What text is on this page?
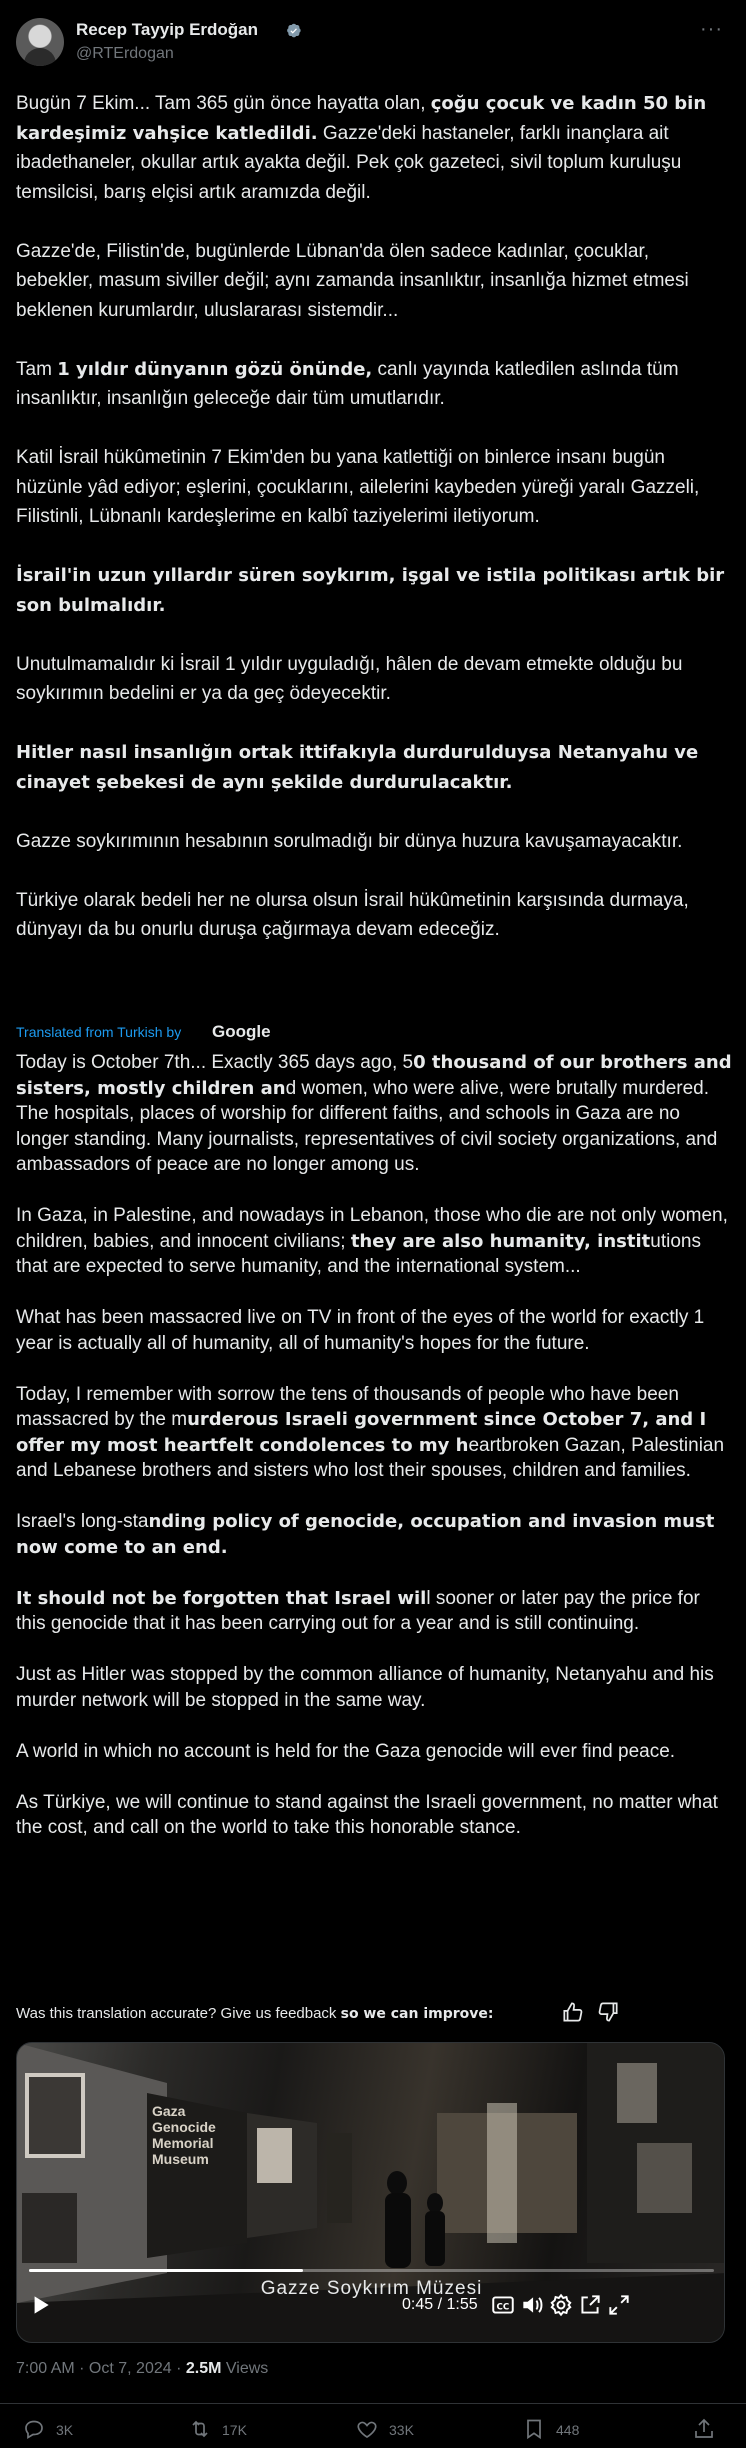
Recep Tayyip Erdoğan
@RTErdogan
···

Bugün 7 Ekim... Tam 365 gün önce hayatta olan, çoğu çocuk ve kadın 50 bin kardeşimiz vahşice katledildi. Gazze'deki hastaneler, farklı inançlara ait ibadethaneler, okullar artık ayakta değil. Pek çok gazeteci, sivil toplum kuruluşu temsilcisi, barış elçisi artık aramızda değil.

Gazze'de, Filistin'de, bugünlerde Lübnan'da ölen sadece kadınlar, çocuklar, bebekler, masum siviller değil; aynı zamanda insanlıktır, insanlığa hizmet etmesi beklenen kurumlardır, uluslararası sistemdir...

Tam 1 yıldır dünyanın gözü önünde, canlı yayında katledilen aslında tüm insanlıktır, insanlığın geleceğe dair tüm umutlarıdır.

Katil İsrail hükûmetinin 7 Ekim'den bu yana katlettiği on binlerce insanı bugün hüzünle yâd ediyor; eşlerini, çocuklarını, ailelerini kaybeden yüreği yaralı Gazzeli, Filistinli, Lübnanlı kardeşlerime en kalbî taziyelerimi iletiyorum.

İsrail'in uzun yıllardır süren soykırım, işgal ve istila politikası artık bir son bulmalıdır.

Unutulmamalıdır ki İsrail 1 yıldır uyguladığı, hâlen de devam etmekte olduğu bu soykırımın bedelini er ya da geç ödeyecektir.

Hitler nasıl insanlığın ortak ittifakıyla durdurulduysa Netanyahu ve cinayet şebekesi de aynı şekilde durdurulacaktır.

Gazze soykırımının hesabının sorulmadığı bir dünya huzura kavuşamayacaktır.

Türkiye olarak bedeli her ne olursa olsun İsrail hükûmetinin karşısında durmaya, dünyayı da bu onurlu duruşa çağırmaya devam edeceğiz.

Translated from Turkish by Google

Today is October 7th... Exactly 365 days ago, 50 thousand of our brothers and sisters, mostly children and women, who were alive, were brutally murdered. The hospitals, places of worship for different faiths, and schools in Gaza are no longer standing. Many journalists, representatives of civil society organizations, and ambassadors of peace are no longer among us.

In Gaza, in Palestine, and nowadays in Lebanon, those who die are not only women, children, babies, and innocent civilians; they are also humanity, institutions that are expected to serve humanity, and the international system...

What has been massacred live on TV in front of the eyes of the world for exactly 1 year is actually all of humanity, all of humanity's hopes for the future.

Today, I remember with sorrow the tens of thousands of people who have been massacred by the murderous Israeli government since October 7, and I offer my most heartfelt condolences to my heartbroken Gazan, Palestinian and Lebanese brothers and sisters who lost their spouses, children and families.

Israel's long-standing policy of genocide, occupation and invasion must now come to an end.

It should not be forgotten that Israel will sooner or later pay the price for this genocide that it has been carrying out for a year and is still continuing.

Just as Hitler was stopped by the common alliance of humanity, Netanyahu and his murder network will be stopped in the same way.

A world in which no account is held for the Gaza genocide will ever find peace.

As Türkiye, we will continue to stand against the Israeli government, no matter what the cost, and call on the world to take this honorable stance.

Was this translation accurate? Give us feedback so we can improve:
Gaza Genocide Memorial Museum
Gazze Soykırım Müzesi
0:45 / 1:55 CC
7:00 AM · Oct 7, 2024 · 2.5M Views
3K	17K	33K	448
